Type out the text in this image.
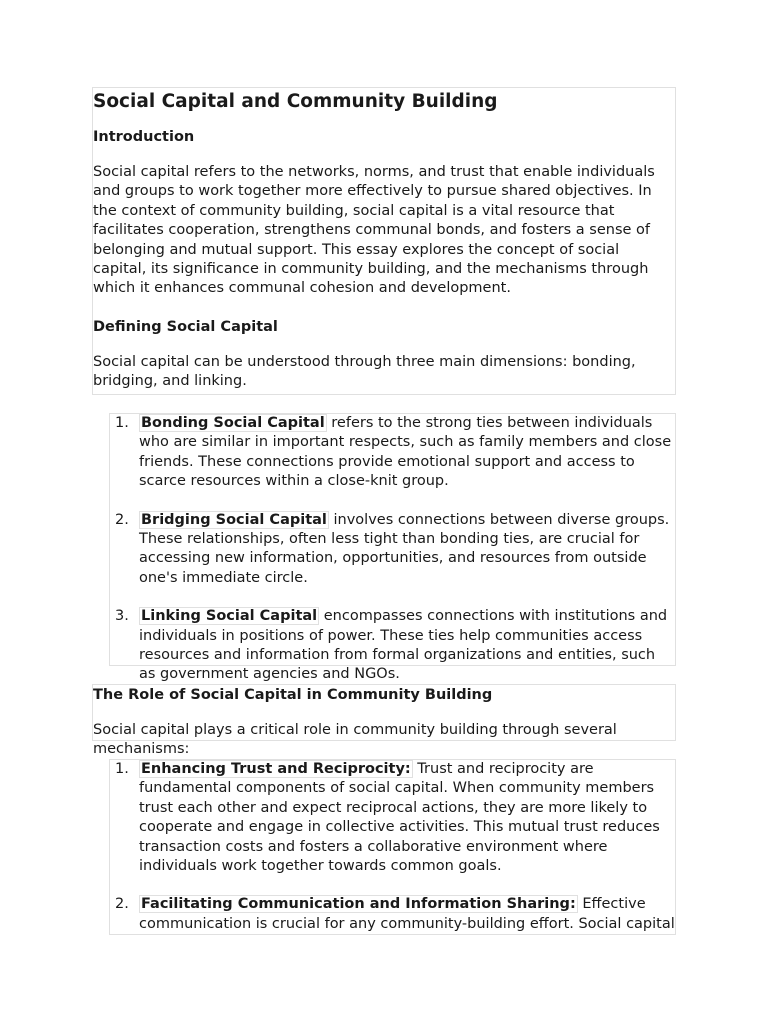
Social Capital and Community Building
Introduction

Social capital refers to the networks, norms, and trust that enable individuals and groups to work together more effectively to pursue shared objectives. In the context of community building, social capital is a vital resource that facilitates cooperation, strengthens communal bonds, and fosters a sense of belonging and mutual support. This essay explores the concept of social capital, its significance in community building, and the mechanisms through which it enhances communal cohesion and development.

Defining Social Capital

Social capital can be understood through three main dimensions: bonding, bridging, and linking.

1. Bonding Social Capital refers to the strong ties between individuals who are similar in important respects, such as family members and close friends. These connections provide emotional support and access to scarce resources within a close-knit group.
2. Bridging Social Capital involves connections between diverse groups. These relationships, often less tight than bonding ties, are crucial for accessing new information, opportunities, and resources from outside one's immediate circle.
3. Linking Social Capital encompasses connections with institutions and individuals in positions of power. These ties help communities access resources and information from formal organizations and entities, such as government agencies and NGOs.
The Role of Social Capital in Community Building

Social capital plays a critical role in community building through several mechanisms:

1. Enhancing Trust and Reciprocity: Trust and reciprocity are fundamental components of social capital. When community members trust each other and expect reciprocal actions, they are more likely to cooperate and engage in collective activities. This mutual trust reduces transaction costs and fosters a collaborative environment where individuals work together towards common goals.
2. Facilitating Communication and Information Sharing: Effective communication is crucial for any community-building effort. Social capital
